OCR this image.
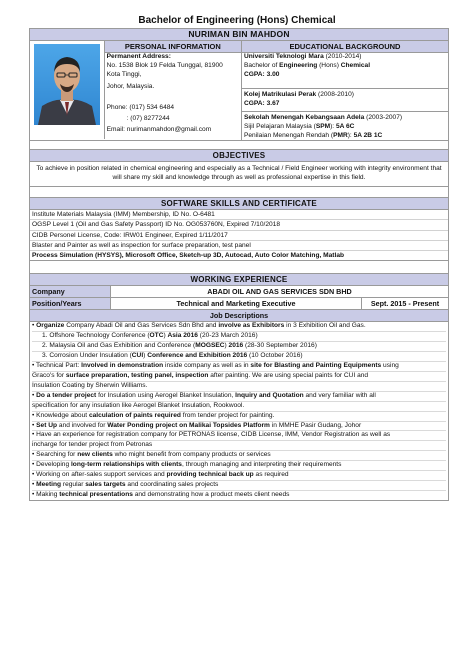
Bachelor of Engineering (Hons) Chemical
NURIMAN BIN MAHDON
PERSONAL INFORMATION
Permanent Address:
No. 1538 Blok 19 Felda Tunggal, 81900
Kota Tinggi,
Johor, Malaysia.
Phone: (017) 534 6484
: (07) 8277244
Email: nurimanmahdon@gmail.com
EDUCATIONAL BACKGROUND
Universiti Teknologi Mara (2010-2014)
Bachelor of Engineering (Hons) Chemical
CGPA: 3.00
Kolej Matrikulasi Perak (2008-2010)
CGPA: 3.67
Sekolah Menengah Kebangsaan Adela (2003-2007)
Sijil Pelajaran Malaysia (SPM): 5A 6C
Penilaian Menengah Rendah (PMR): 5A 2B 1C
OBJECTIVES
To achieve in position related in chemical engineering and especially as a Technical / Field Engineer working with integrity environment that will share my skill and knowledge through as well as professional expertise in this field.
SOFTWARE SKILLS AND CERTIFICATE
Institute Materials Malaysia (IMM) Membership, ID No. O-6481
OGSP Level 1 (Oil and Gas Safety Passport) ID No. OG053760N, Expired 7/10/2018
CIDB Personel License, Code: IRW01 Engineer, Expired 1/11/2017
Blaster and Painter as well as inspection for surface preparation, test panel
Process Simulation (HYSYS), Microsoft Office, Sketch-up 3D, Autocad, Auto Color Matching, Matlab
WORKING EXPERIENCE
Company	ABADI OIL AND GAS SERVICES SDN BHD
Position/Years	Technical and Marketing Executive	Sept. 2015 - Present
Job Descriptions
• Organize Company Abadi Oil and Gas Services Sdn Bhd and involve as Exhibitors in 3 Exhibition Oil and Gas.
1. Offshore Technology Conference (OTC) Asia 2016 (20-23 March 2016)
2. Malaysia Oil and Gas Exhibition and Conference (MOGSEC) 2016 (28-30 September 2016)
3. Corrosion Under Insulation (CUI) Conference and Exhibition 2016 (10 October 2016)
• Technical Part: Involved in demonstration inside company as well as in site for Blasting and Painting Equipments using
Graco's for surface preparation, testing panel, inspection after painting. We are using special paints for CUI and
Insulation Coating by Sherwin Williams.
• Do a tender project for Insulation using Aerogel Blanket Insulation, Inquiry and Quotation and very familiar with all
specification for any insulation like Aerogel Blanket Insulation, Rookwool.
• Knowledge about calculation of paints required from tender project for painting.
• Set Up and involved for Water Ponding project on Malikai Topsides Platform in MMHE Pasir Gudang, Johor
• Have an experience for registration company for PETRONAS license, CIDB License, IMM, Vendor Registration as well as
incharge for tender project from Petronas
• Searching for new clients who might benefit from company products or services
• Developing long-term relationships with clients, through managing and interpreting their requirements
• Working on after-sales support services and providing technical back up as required
• Meeting regular sales targets and coordinating sales projects
• Making technical presentations and demonstrating how a product meets client needs
